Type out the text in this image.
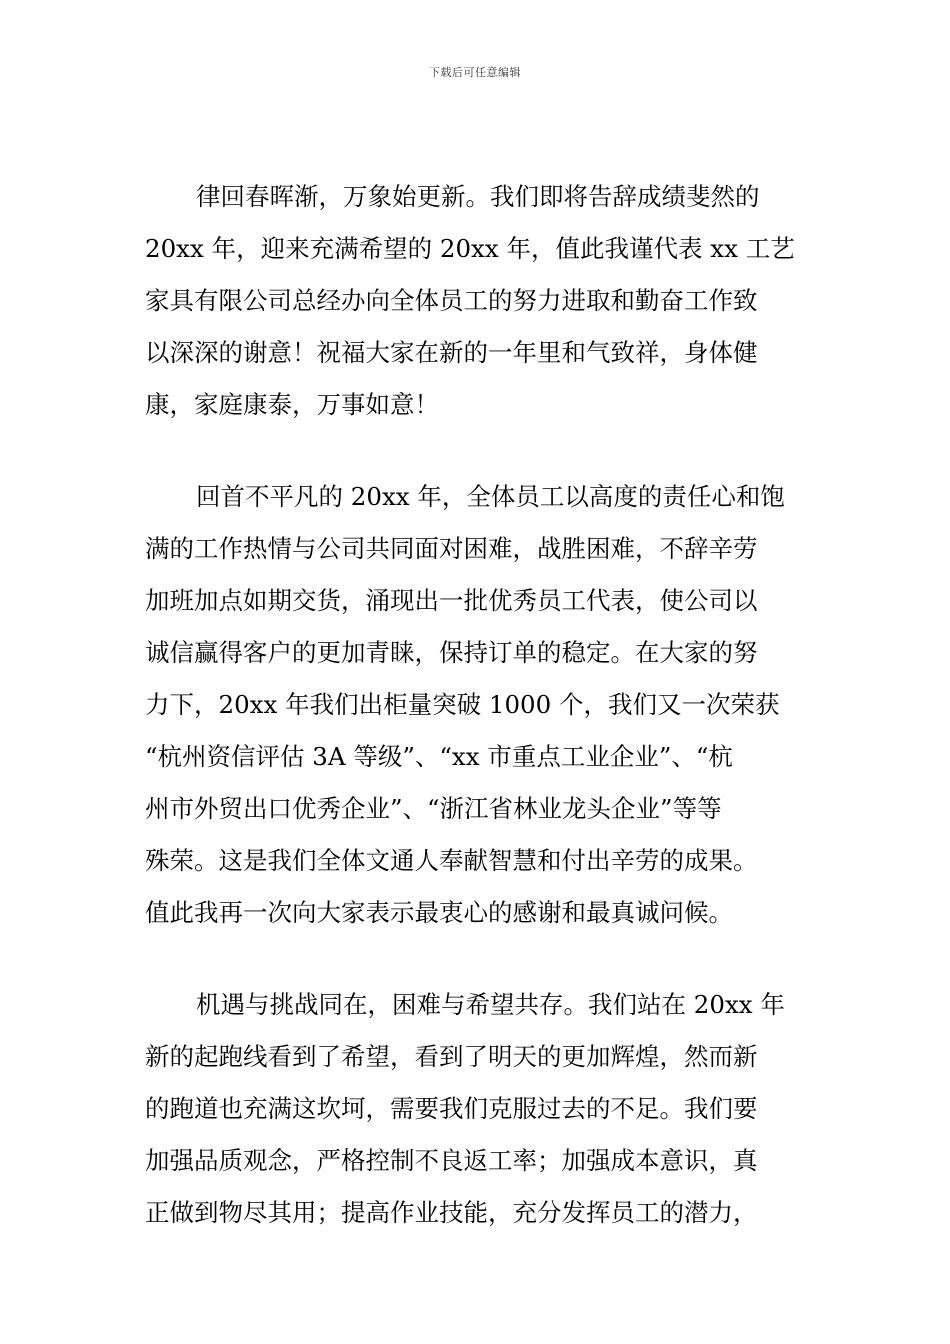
下载后可任意编辑
律回春晖渐，万象始更新。我们即将告辞成绩斐然的
20xx 年，迎来充满希望的 20xx 年，值此我谨代表 xx 工艺
家具有限公司总经办向全体员工的努力进取和勤奋工作致
以深深的谢意！祝福大家在新的一年里和气致祥，身体健
康，家庭康泰，万事如意！
回首不平凡的 20xx 年，全体员工以高度的责任心和饱
满的工作热情与公司共同面对困难，战胜困难，不辞辛劳
加班加点如期交货，涌现出一批优秀员工代表，使公司以
诚信赢得客户的更加青睐，保持订单的稳定。在大家的努
力下，20xx 年我们出柜量突破 1000 个，我们又一次荣获
“杭州资信评估 3A 等级”、“xx 市重点工业企业”、“杭
州市外贸出口优秀企业”、“浙江省林业龙头企业”等等
殊荣。这是我们全体文通人奉献智慧和付出辛劳的成果。
值此我再一次向大家表示最衷心的感谢和最真诚问候。
机遇与挑战同在，困难与希望共存。我们站在 20xx 年
新的起跑线看到了希望，看到了明天的更加辉煌，然而新
的跑道也充满这坎坷，需要我们克服过去的不足。我们要
加强品质观念，严格控制不良返工率；加强成本意识，真
正做到物尽其用；提高作业技能，充分发挥员工的潜力，
